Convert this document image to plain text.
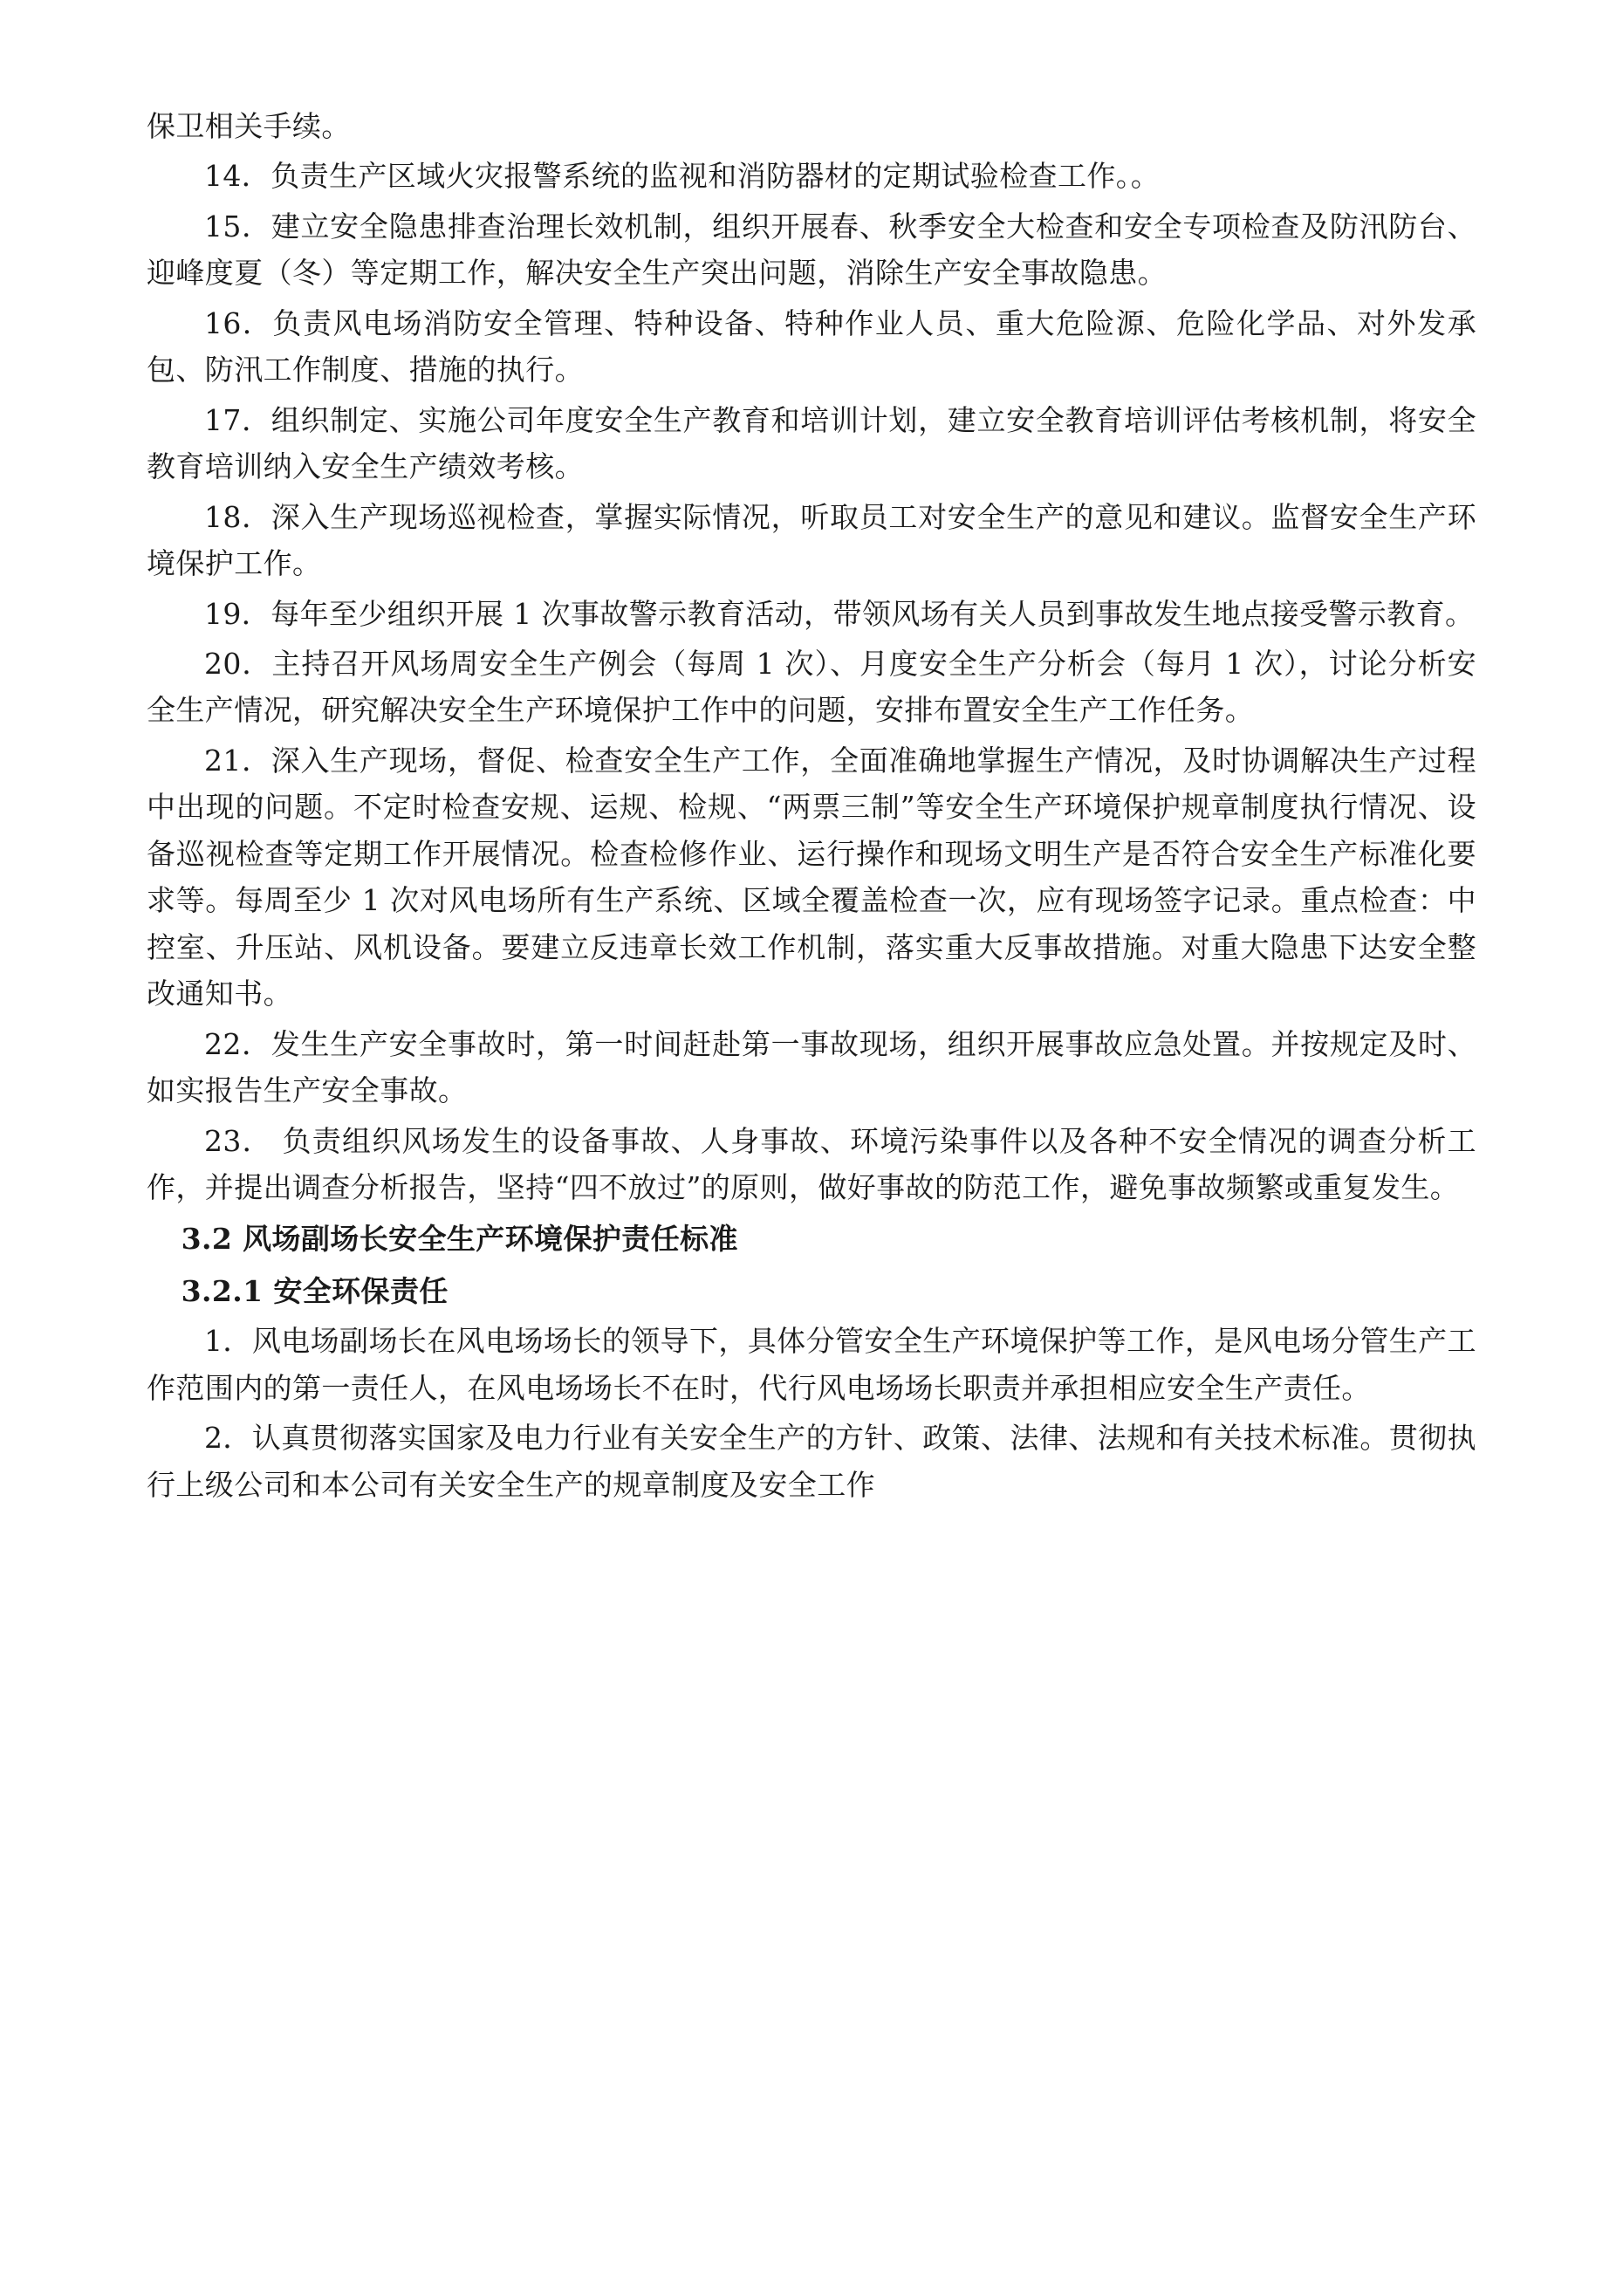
保卫相关手续。

14．负责生产区域火灾报警系统的监视和消防器材的定期试验检查工作。。

15．建立安全隐患排查治理长效机制，组织开展春、秋季安全大检查和安全专项检查及防汛防台、迎峰度夏（冬）等定期工作，解决安全生产突出问题，消除生产安全事故隐患。

16．负责风电场消防安全管理、特种设备、特种作业人员、重大危险源、危险化学品、对外发承包、防汛工作制度、措施的执行。

17．组织制定、实施公司年度安全生产教育和培训计划，建立安全教育培训评估考核机制，将安全教育培训纳入安全生产绩效考核。

18．深入生产现场巡视检查，掌握实际情况，听取员工对安全生产的意见和建议。监督安全生产环境保护工作。

19．每年至少组织开展 1 次事故警示教育活动，带领风场有关人员到事故发生地点接受警示教育。

20．主持召开风场周安全生产例会（每周 1 次）、月度安全生产分析会（每月 1 次），讨论分析安全生产情况，研究解决安全生产环境保护工作中的问题，安排布置安全生产工作任务。

21．深入生产现场，督促、检查安全生产工作，全面准确地掌握生产情况，及时协调解决生产过程中出现的问题。不定时检查安规、运规、检规、“两票三制”等安全生产环境保护规章制度执行情况、设备巡视检查等定期工作开展情况。检查检修作业、运行操作和现场文明生产是否符合安全生产标准化要求等。每周至少 1 次对风电场所有生产系统、区域全覆盖检查一次，应有现场签字记录。重点检查：中控室、升压站、风机设备。要建立反违章长效工作机制，落实重大反事故措施。对重大隐患下达安全整改通知书。

22．发生生产安全事故时，第一时间赶赴第一事故现场，组织开展事故应急处置。并按规定及时、如实报告生产安全事故。

23． 负责组织风场发生的设备事故、人身事故、环境污染事件以及各种不安全情况的调查分析工作，并提出调查分析报告，坚持“四不放过”的原则，做好事故的防范工作，避免事故频繁或重复发生。

3.2 风场副场长安全生产环境保护责任标准
3.2.1 安全环保责任

1．风电场副场长在风电场场长的领导下，具体分管安全生产环境保护等工作，是风电场分管生产工作范围内的第一责任人，在风电场场长不在时，代行风电场场长职责并承担相应安全生产责任。

2．认真贯彻落实国家及电力行业有关安全生产的方针、政策、法律、法规和有关技术标准。贯彻执行上级公司和本公司有关安全生产的规章制度及安全工作
